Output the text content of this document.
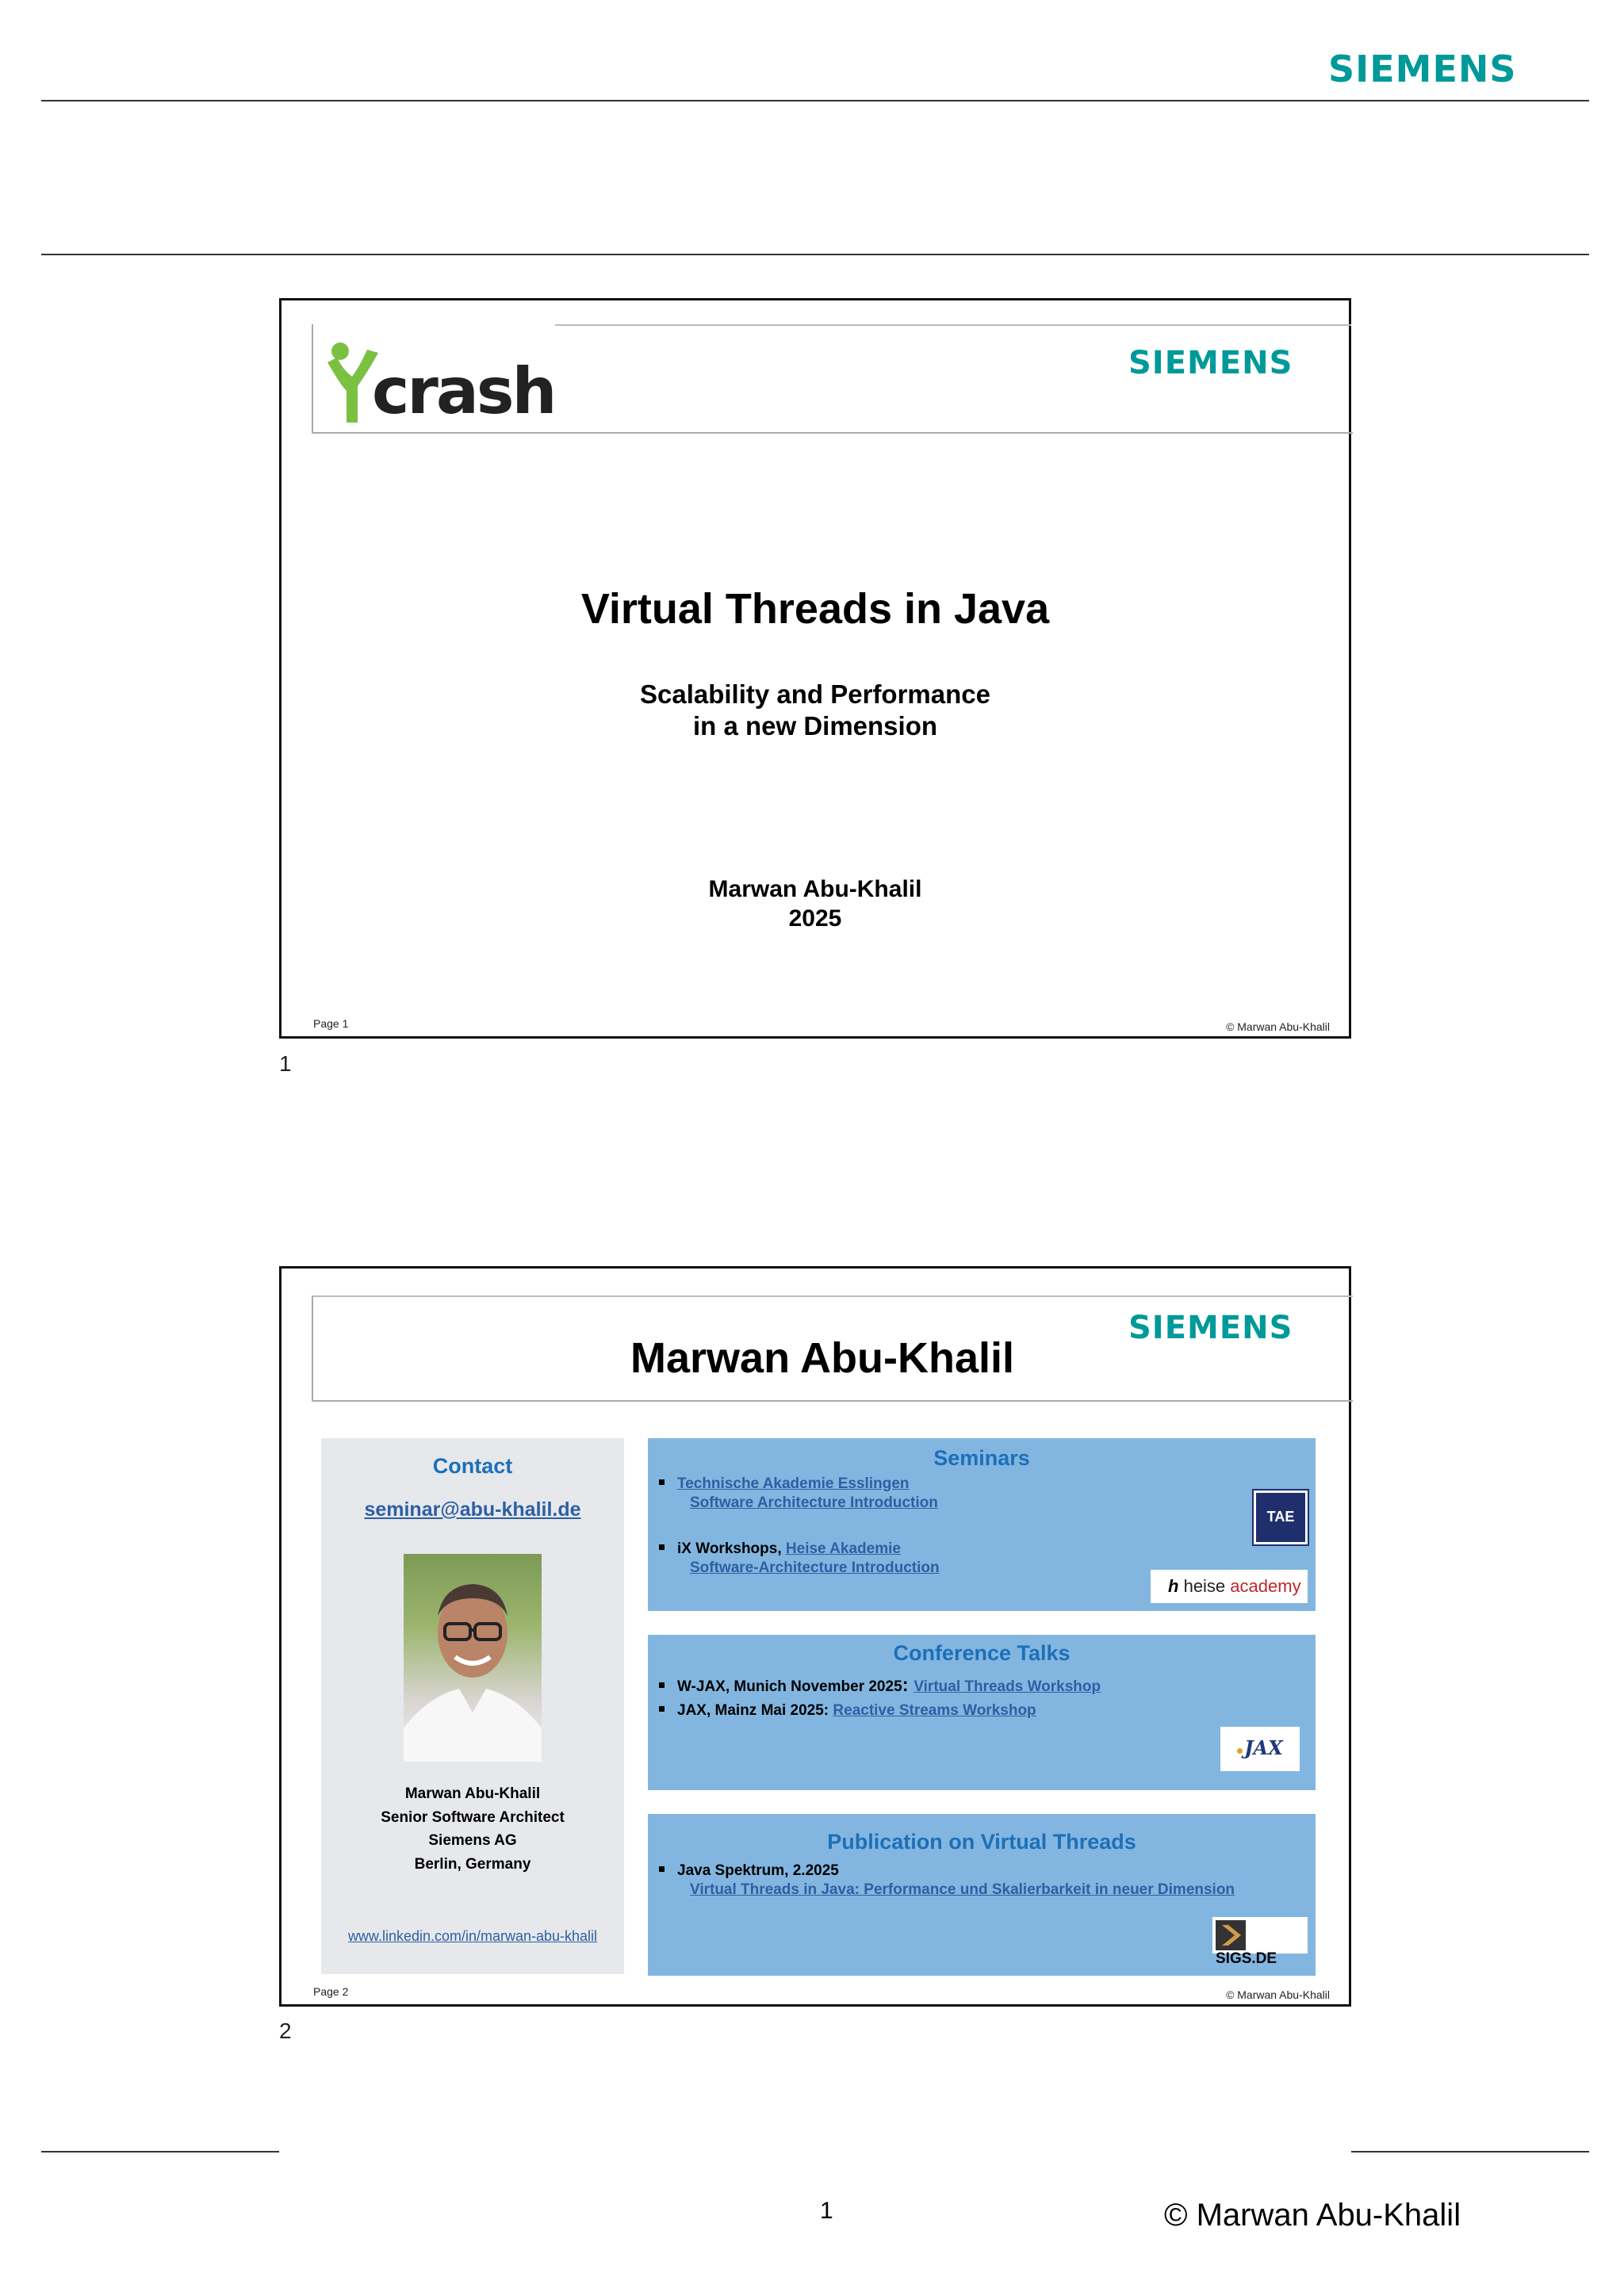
SIEMENS
crash	SIEMENS
Virtual Threads in Java
Scalability and Performance
in a new Dimension
Marwan Abu-Khalil
2025
Page 1	© Marwan Abu-Khalil
1
SIEMENS
Marwan Abu-Khalil
Contact
seminar@abu-khalil.de
Marwan Abu-Khalil
Senior Software Architect
Siemens AG
Berlin, Germany
www.linkedin.com/in/marwan-abu-khalil
Seminars
Technische Akademie Esslingen
Software Architecture Introduction
iX Workshops, Heise Akademie
Software-Architecture Introduction
TAE
h heise academy
Conference Talks
W-JAX, Munich November 2025: Virtual Threads Workshop
JAX, Mainz Mai 2025: Reactive Streams Workshop
JAX
Publication on Virtual Threads
Java Spektrum, 2.2025
Virtual Threads in Java: Performance und Skalierbarkeit in neuer Dimension
SIGS.DE
Page 2	© Marwan Abu-Khalil
2
1	© Marwan Abu-Khalil
